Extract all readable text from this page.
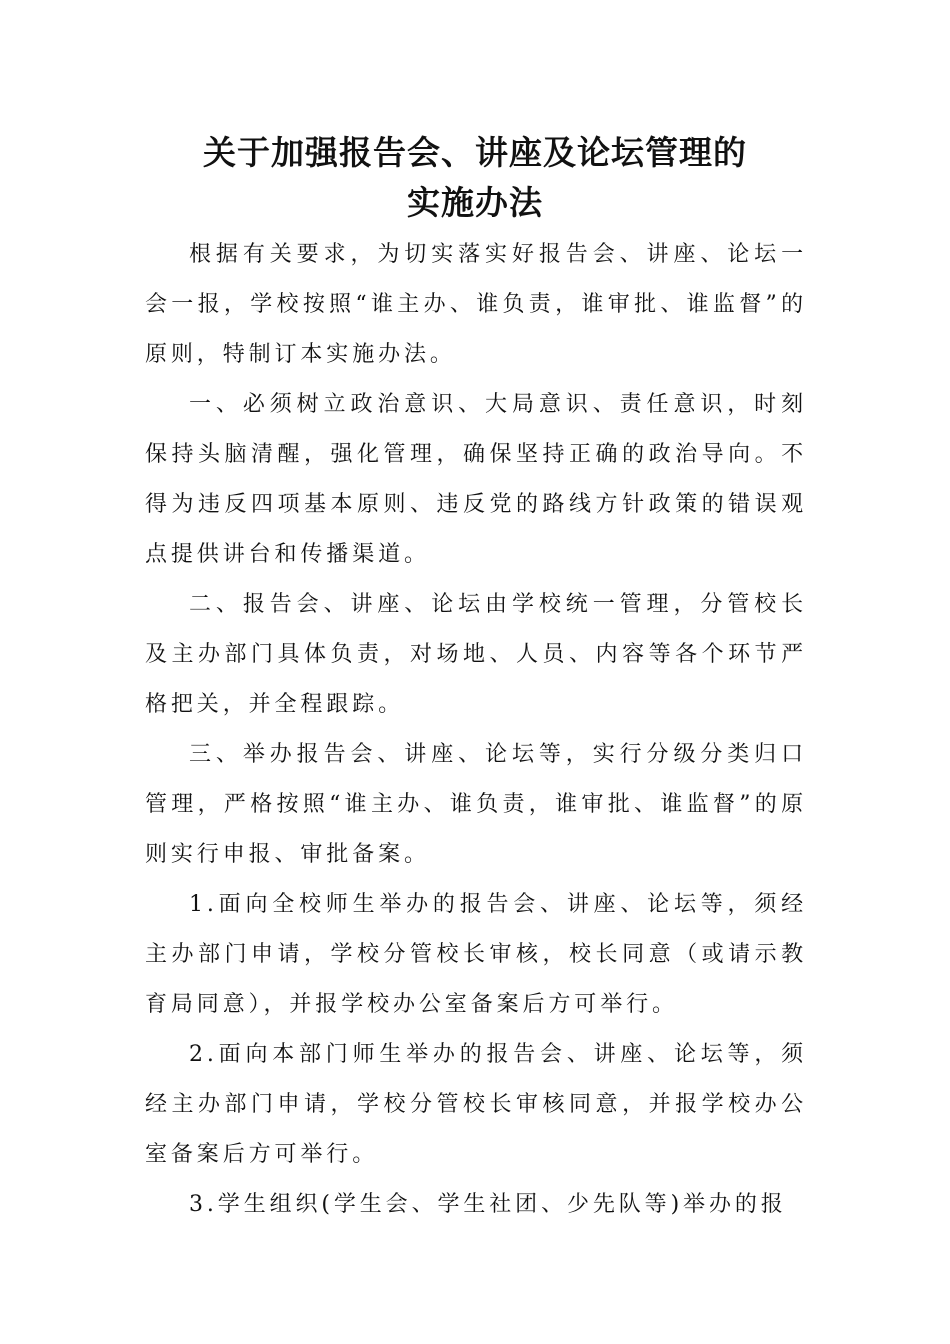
关于加强报告会、讲座及论坛管理的
实施办法

根据有关要求，为切实落实好报告会、讲座、论坛一会一报，学校按照“谁主办、谁负责，谁审批、谁监督”的原则，特制订本实施办法。

一、必须树立政治意识、大局意识、责任意识，时刻保持头脑清醒，强化管理，确保坚持正确的政治导向。不得为违反四项基本原则、违反党的路线方针政策的错误观点提供讲台和传播渠道。

二、报告会、讲座、论坛由学校统一管理，分管校长及主办部门具体负责，对场地、人员、内容等各个环节严格把关，并全程跟踪。

三、举办报告会、讲座、论坛等，实行分级分类归口管理，严格按照“谁主办、谁负责，谁审批、谁监督”的原则实行申报、审批备案。

1.面向全校师生举办的报告会、讲座、论坛等，须经主办部门申请，学校分管校长审核，校长同意（或请示教育局同意），并报学校办公室备案后方可举行。

2.面向本部门师生举办的报告会、讲座、论坛等，须经主办部门申请，学校分管校长审核同意，并报学校办公室备案后方可举行。

3.学生组织(学生会、学生社团、少先队等)举办的报
